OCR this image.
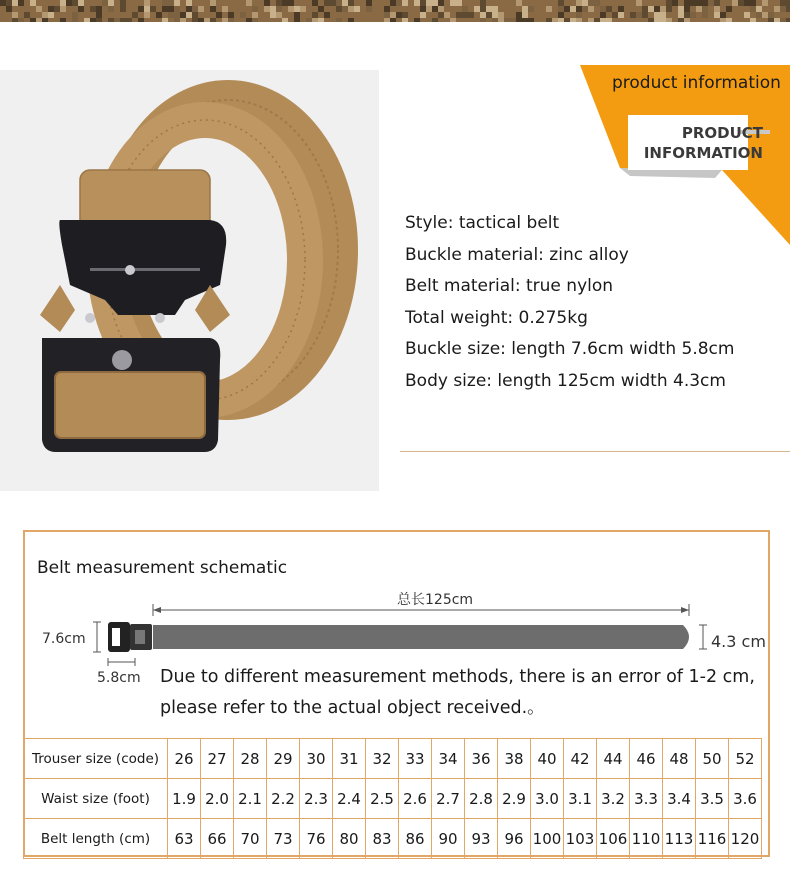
product information
PRODUCT
INFORMATION
Style: tactical belt
Buckle material: zinc alloy
Belt material: true nylon
Total weight: 0.275kg
Buckle size: length 7.6cm width 5.8cm
Body size: length 125cm width 4.3cm
Belt measurement schematic
总长125cm
7.6cm
5.8cm
4.3 cm
Due to different measurement methods, there is an error of 1-2 cm,
please refer to the actual object received.。
Trouser size (code)	26	27	28	29	30	31	32	33	34	36	38	40	42	44	46	48	50	52
Waist size (foot)	1.9	2.0	2.1	2.2	2.3	2.4	2.5	2.6	2.7	2.8	2.9	3.0	3.1	3.2	3.3	3.4	3.5	3.6
Belt length (cm)	63	66	70	73	76	80	83	86	90	93	96	100	103	106	110	113	116	120
